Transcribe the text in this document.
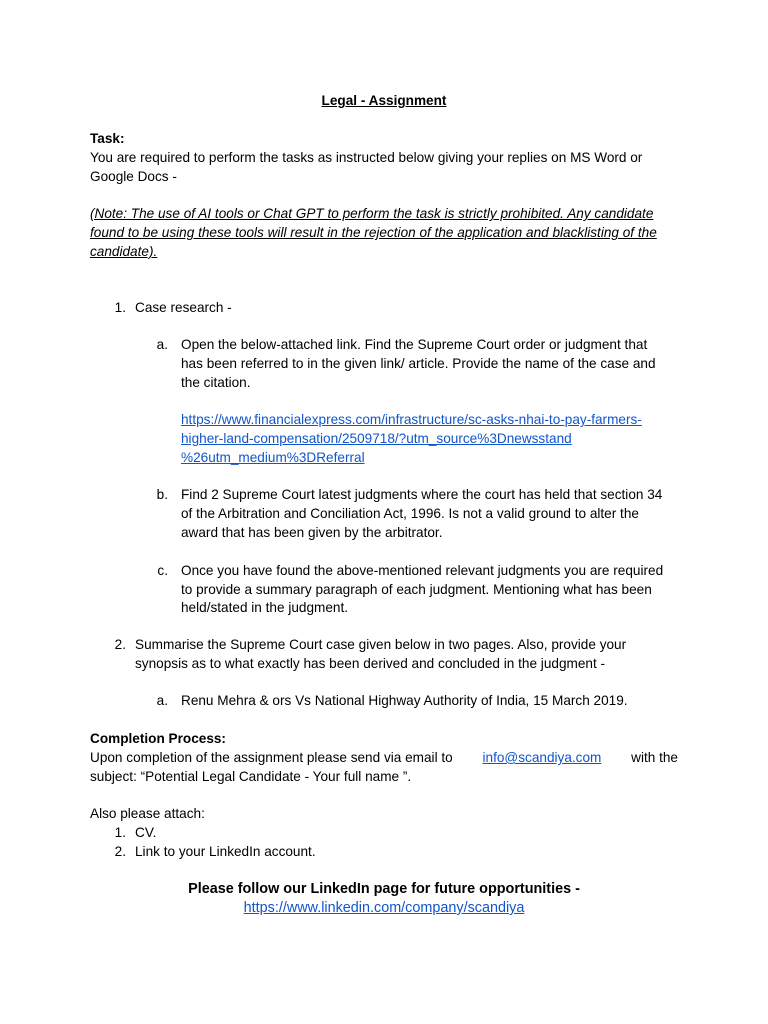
Legal - Assignment
Task:
You are required to perform the tasks as instructed below giving your replies on MS Word or
Google Docs -
(Note: The use of AI tools or Chat GPT to perform the task is strictly prohibited. Any candidate
found to be using these tools will result in the rejection of the application and blacklisting of the
candidate).
1. Case research -
a. Open the below-attached link. Find the Supreme Court order or judgment that
has been referred to in the given link/ article. Provide the name of the case and
the citation.
https://www.financialexpress.com/infrastructure/sc-asks-nhai-to-pay-farmers-
higher-land-compensation/2509718/?utm_source%3Dnewsstand
%26utm_medium%3DReferral
b. Find 2 Supreme Court latest judgments where the court has held that section 34
of the Arbitration and Conciliation Act, 1996. Is not a valid ground to alter the
award that has been given by the arbitrator.
c. Once you have found the above-mentioned relevant judgments you are required
to provide a summary paragraph of each judgment. Mentioning what has been
held/stated in the judgment.
2. Summarise the Supreme Court case given below in two pages. Also, provide your
synopsis as to what exactly has been derived and concluded in the judgment -
a. Renu Mehra & ors Vs National Highway Authority of India, 15 March 2019.
Completion Process:
Upon completion of the assignment please send via email to info@scandiya.com with the
subject: “Potential Legal Candidate - Your full name ”.
Also please attach:
1. CV.
2. Link to your LinkedIn account.
Please follow our LinkedIn page for future opportunities -
https://www.linkedin.com/company/scandiya
